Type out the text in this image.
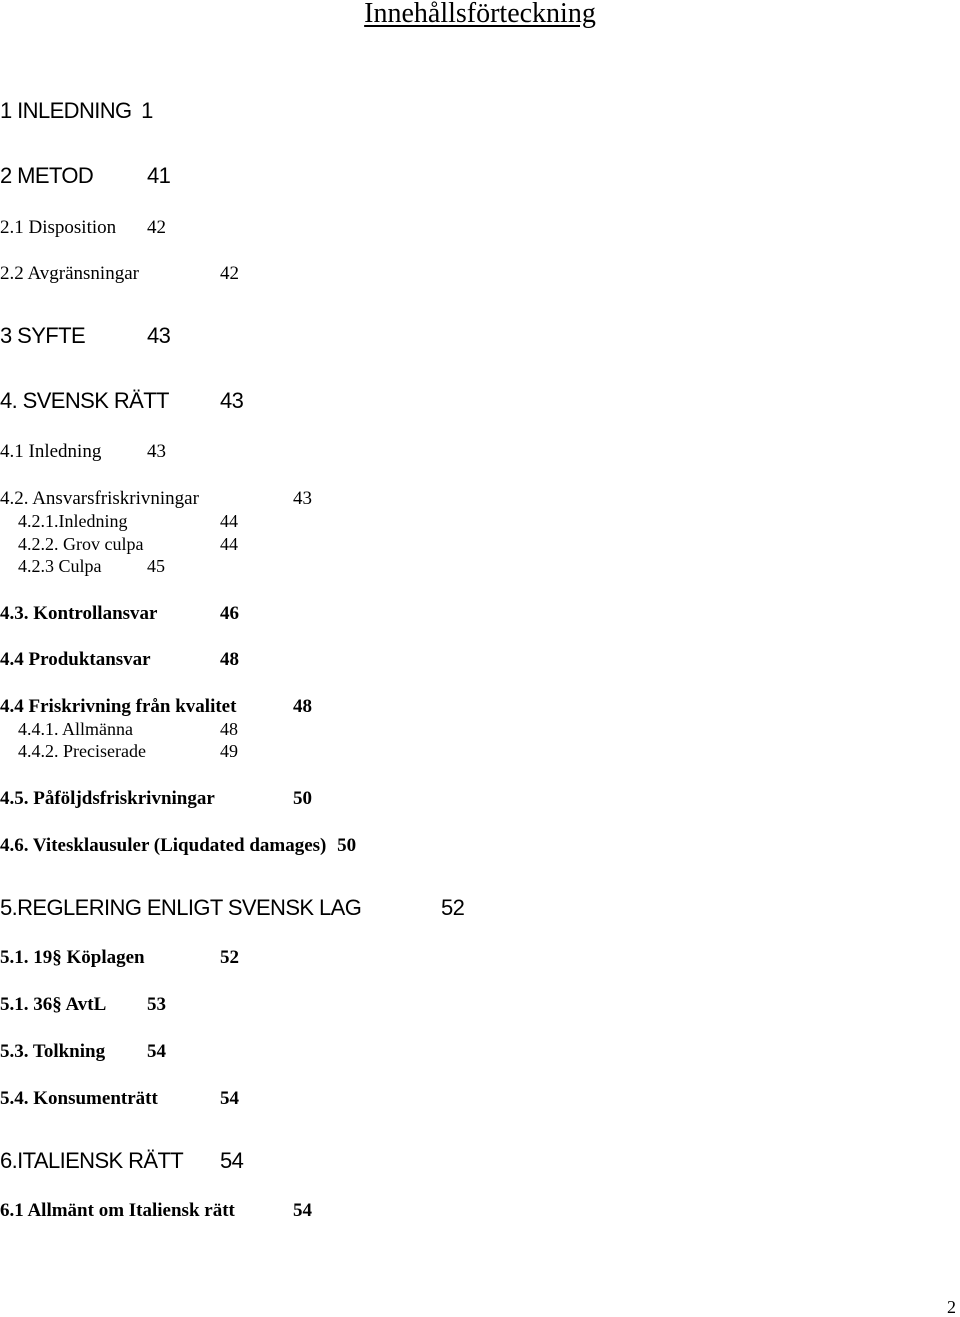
Innehållsförteckning
1 INLEDNING 1
2 METOD 41
2.1 Disposition 42
2.2 Avgränsningar	42
3 SYFTE	43
4. SVENSK RÄTT 43
4.1 Inledning 43
4.2. Ansvarsfriskrivningar	43
4.2.1.Inledning	44
4.2.2. Grov culpa	44
4.2.3 Culpa	45
4.3. Kontrollansvar	46
4.4 Produktansvar	48
4.4 Friskrivning från kvalitet	48
4.4.1. Allmänna	48
4.4.2. Preciserade	49
4.5. Påföljdsfriskrivningar	50
4.6. Vitesklausuler (Liqudated damages) 50
5.REGLERING ENLIGT SVENSK LAG	52
5.1. 19§ Köplagen	52
5.1. 36§ AvtL 53
5.3. Tolkning 54
5.4. Konsumenträtt	54
6.ITALIENSK RÄTT 54
6.1 Allmänt om Italiensk rätt	54
2
